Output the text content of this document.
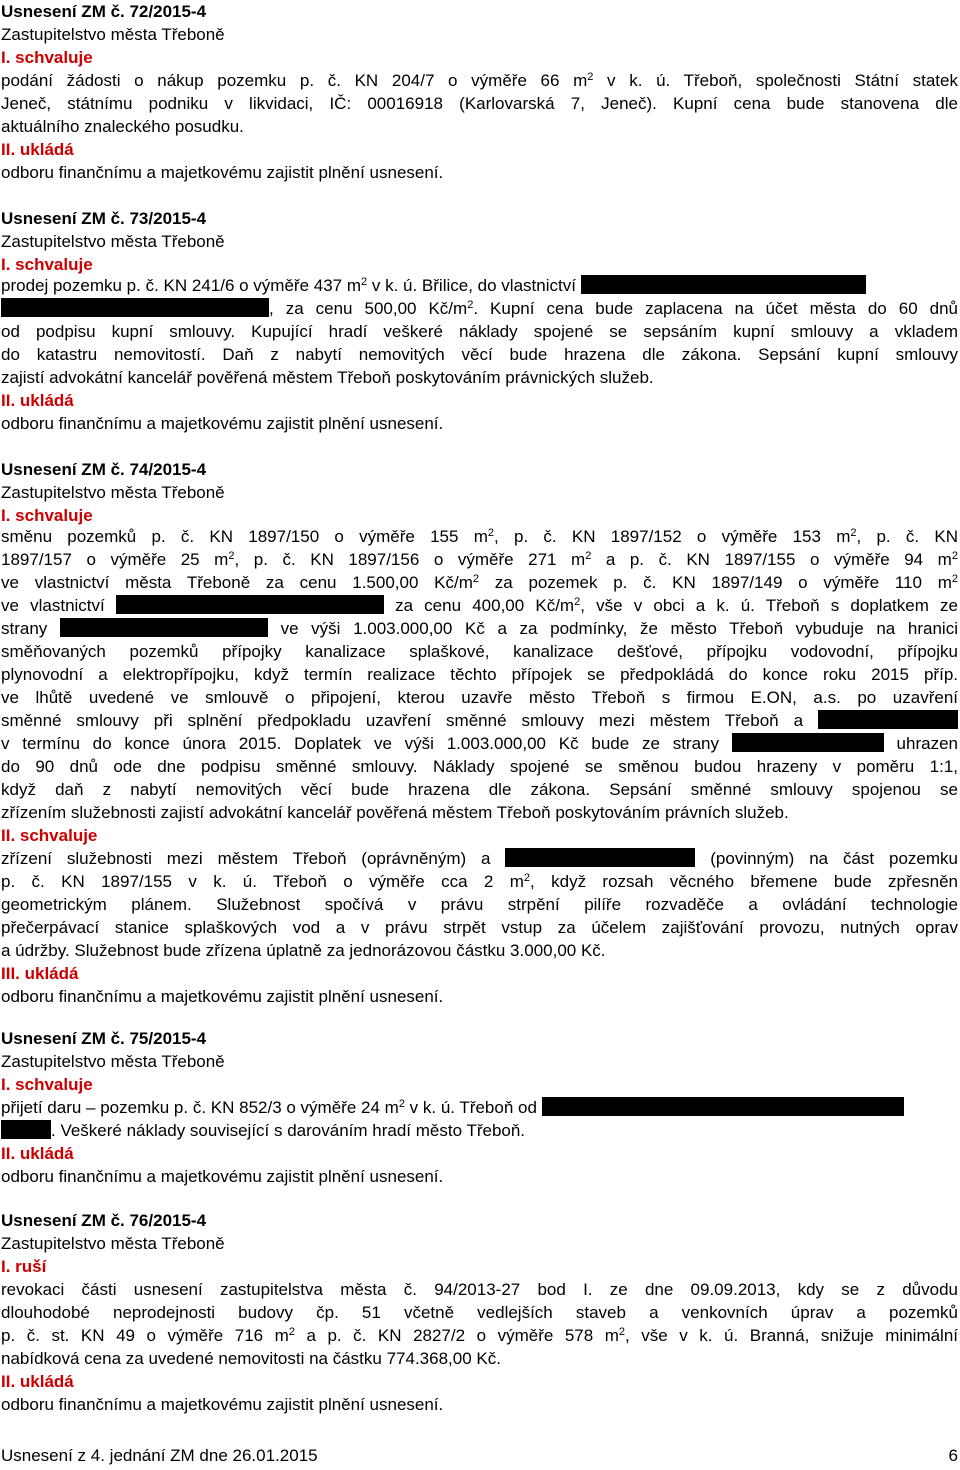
Usnesení ZM č. 72/2015-4
Zastupitelstvo města Třeboně
I. schvaluje
podání žádosti o nákup pozemku p. č. KN 204/7 o výměře 66 $m^2$ v k. ú. Třeboň, společnosti Státní statek
Jeneč, státnímu podniku v likvidaci, IČ: 00016918 (Karlovarská 7, Jeneč). Kupní cena bude stanovena dle
aktuálního znaleckého posudku.
II. ukládá
odboru finančnímu a majetkovému zajistit plnění usnesení.
Usnesení ZM č. 73/2015-4
Zastupitelstvo města Třeboně
I. schvaluje
prodej pozemku p. č. KN 241/6 o výměře 437 $m^2$ v k. ú. Břilice, do vlastnictví
, za cenu 500,00 $Kč/m^2$. Kupní cena bude zaplacena na účet města do 60 dnů
od podpisu kupní smlouvy. Kupující hradí veškeré náklady spojené se sepsáním kupní smlouvy a vkladem
do katastru nemovitostí. Daň z nabytí nemovitých věcí bude hrazena dle zákona. Sepsání kupní smlouvy
zajistí advokátní kancelář pověřená městem Třeboň poskytováním právnických služeb.
II. ukládá
odboru finančnímu a majetkovému zajistit plnění usnesení.
Usnesení ZM č. 74/2015-4
Zastupitelstvo města Třeboně
I. schvaluje
směnu pozemků p. č. KN 1897/150 o výměře 155 $m^2$, p. č. KN 1897/152 o výměře 153 $m^2$, p. č. KN
1897/157 o výměře 25 $m^2$, p. č. KN 1897/156 o výměře 271 $m^2$ a p. č. KN 1897/155 o výměře 94 $m^2$
ve vlastnictví města Třeboně za cenu 1.500,00 $Kč/m^2$ za pozemek p. č. KN 1897/149 o výměře 110 $m^2$
ve vlastnictví	za cenu 400,00 $Kč/m^2$, vše v obci a k. ú. Třeboň s doplatkem ze
strany	ve výši 1.003.000,00 Kč a za podmínky, že město Třeboň vybuduje na hranici
směňovaných pozemků přípojky kanalizace splaškové, kanalizace dešťové, přípojku vodovodní, přípojku
plynovodní a elektropřípojku, když termín realizace těchto přípojek se předpokládá do konce roku 2015 příp.
ve lhůtě uvedené ve smlouvě o připojení, kterou uzavře město Třeboň s firmou E.ON, a.s. po uzavření
směnné smlouvy při splnění předpokladu uzavření směnné smlouvy mezi městem Třeboň a
v termínu do konce února 2015. Doplatek ve výši 1.003.000,00 Kč bude ze strany	uhrazen
do 90 dnů ode dne podpisu směnné smlouvy. Náklady spojené se směnou budou hrazeny v poměru 1:1,
když daň z nabytí nemovitých věcí bude hrazena dle zákona. Sepsání směnné smlouvy spojenou se
zřízením služebnosti zajistí advokátní kancelář pověřená městem Třeboň poskytováním právních služeb.
II. schvaluje
zřízení služebnosti mezi městem Třeboň (oprávněným) a	(povinným) na část pozemku
p. č. KN 1897/155 v k. ú. Třeboň o výměře cca 2 $m^2$, když rozsah věcného břemene bude zpřesněn
geometrickým plánem. Služebnost spočívá v právu strpění pilíře rozvaděče a ovládání technologie
přečerpávací stanice splaškových vod a v právu strpět vstup za účelem zajišťování provozu, nutných oprav
a údržby. Služebnost bude zřízena úplatně za jednorázovou částku 3.000,00 Kč.
III. ukládá
odboru finančnímu a majetkovému zajistit plnění usnesení.
Usnesení ZM č. 75/2015-4
Zastupitelstvo města Třeboně
I. schvaluje
přijetí daru – pozemku p. č. KN 852/3 o výměře 24 $m^2$ v k. ú. Třeboň od
. Veškeré náklady související s darováním hradí město Třeboň.
II. ukládá
odboru finančnímu a majetkovému zajistit plnění usnesení.
Usnesení ZM č. 76/2015-4
Zastupitelstvo města Třeboně
I. ruší
revokaci části usnesení zastupitelstva města č. 94/2013-27 bod I. ze dne 09.09.2013, kdy se z důvodu
dlouhodobé neprodejnosti budovy čp. 51 včetně vedlejších staveb a venkovních úprav a pozemků
p. č. st. KN 49 o výměře 716 $m^2$ a p. č. KN 2827/2 o výměře 578 $m^2$, vše v k. ú. Branná, snižuje minimální
nabídková cena za uvedené nemovitosti na částku 774.368,00 Kč.
II. ukládá
odboru finančnímu a majetkovému zajistit plnění usnesení.
Usnesení z 4. jednání ZM dne 26.01.2015	6
